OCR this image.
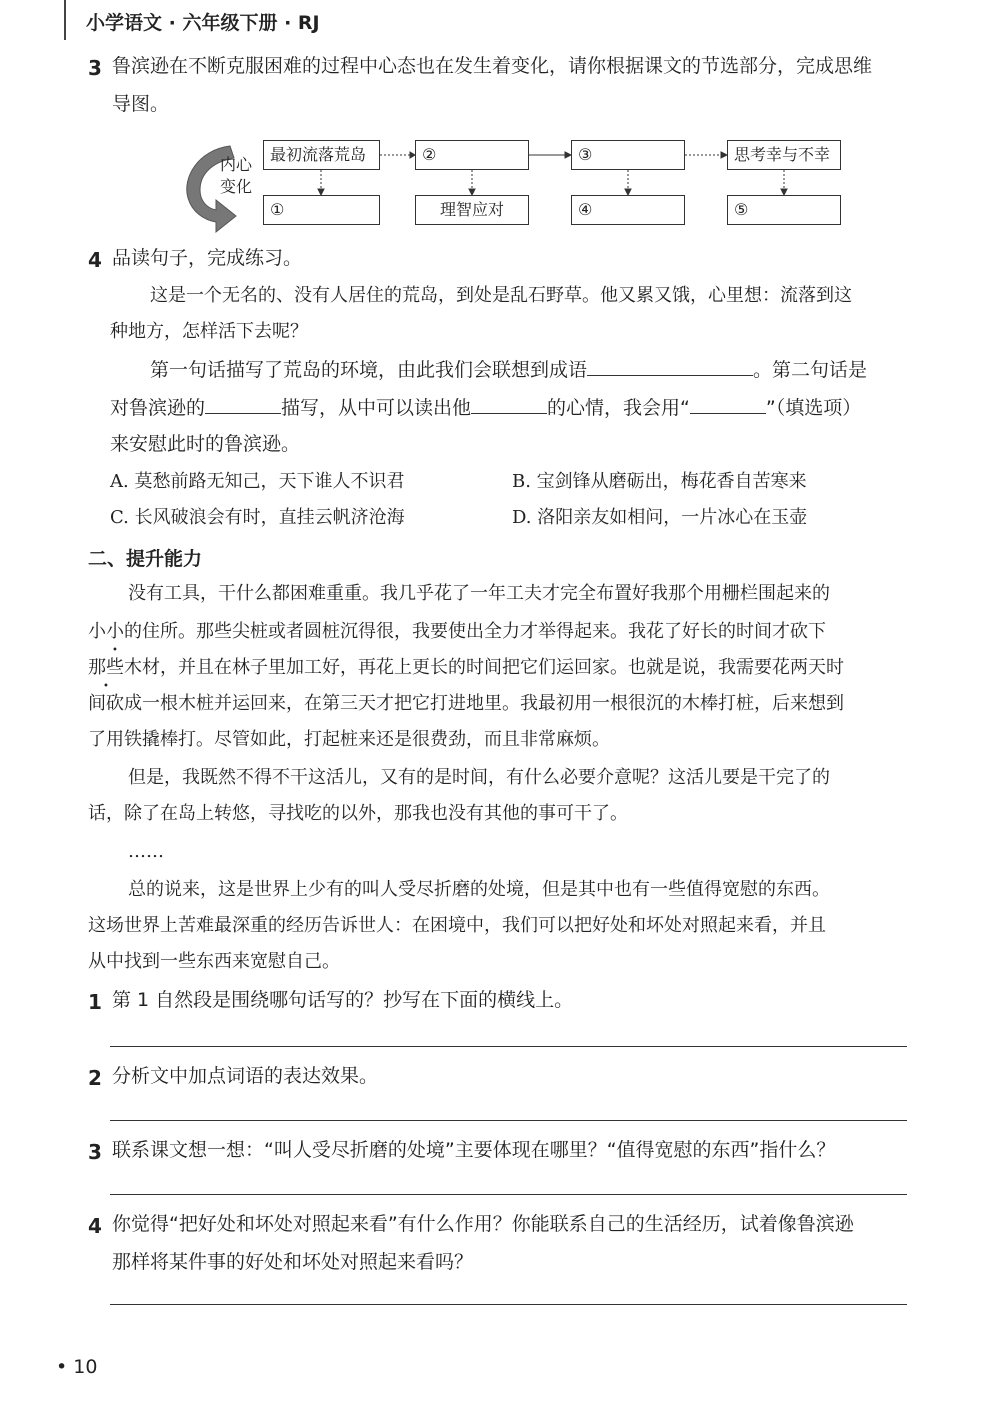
小学语文 · 六年级下册 · RJ
3 鲁滨逊在不断克服困难的过程中心态也在发生着变化，请你根据课文的节选部分，完成思维
导图。
内心
变化
最初流落荒岛	②	③	思考幸与不幸
①	理智应对	④	⑤
4 品读句子，完成练习。
这是一个无名的、没有人居住的荒岛，到处是乱石野草。他又累又饿，心里想：流落到这
种地方，怎样活下去呢？
第一句话描写了荒岛的环境，由此我们会联想到成语	。第二句话是
对鲁滨逊的	描写，从中可以读出他	的心情，我会用“	”（填选项）
来安慰此时的鲁滨逊。
A. 莫愁前路无知己，天下谁人不识君	B. 宝剑锋从磨砺出，梅花香自苦寒来
C. 长风破浪会有时，直挂云帆济沧海	D. 洛阳亲友如相问，一片冰心在玉壶
二、提升能力
没有工具，干什么都困难重重。我几乎花了一年工夫才完全布置好我那个用栅栏围起来的
小小的住所。那些尖桩或者圆桩沉得很，我要使出全力才举得起来。我花了好长的时间才砍下
那些木材，并且在林子里加工好，再花上更长的时间把它们运回家。也就是说，我需要花两天时
间砍成一根木桩并运回来，在第三天才把它打进地里。我最初用一根很沉的木棒打桩，后来想到
了用铁撬棒打。尽管如此，打起桩来还是很费劲，而且非常麻烦。
但是，我既然不得不干这活儿，又有的是时间，有什么必要介意呢？这活儿要是干完了的
话，除了在岛上转悠，寻找吃的以外，那我也没有其他的事可干了。
……
总的说来，这是世界上少有的叫人受尽折磨的处境，但是其中也有一些值得宽慰的东西。
这场世界上苦难最深重的经历告诉世人：在困境中，我们可以把好处和坏处对照起来看，并且
从中找到一些东西来宽慰自己。
1 第 1 自然段是围绕哪句话写的？抄写在下面的横线上。
2 分析文中加点词语的表达效果。
3 联系课文想一想：“叫人受尽折磨的处境”主要体现在哪里？“值得宽慰的东西”指什么？
4 你觉得“把好处和坏处对照起来看”有什么作用？你能联系自己的生活经历，试着像鲁滨逊
那样将某件事的好处和坏处对照起来看吗？
• 10
